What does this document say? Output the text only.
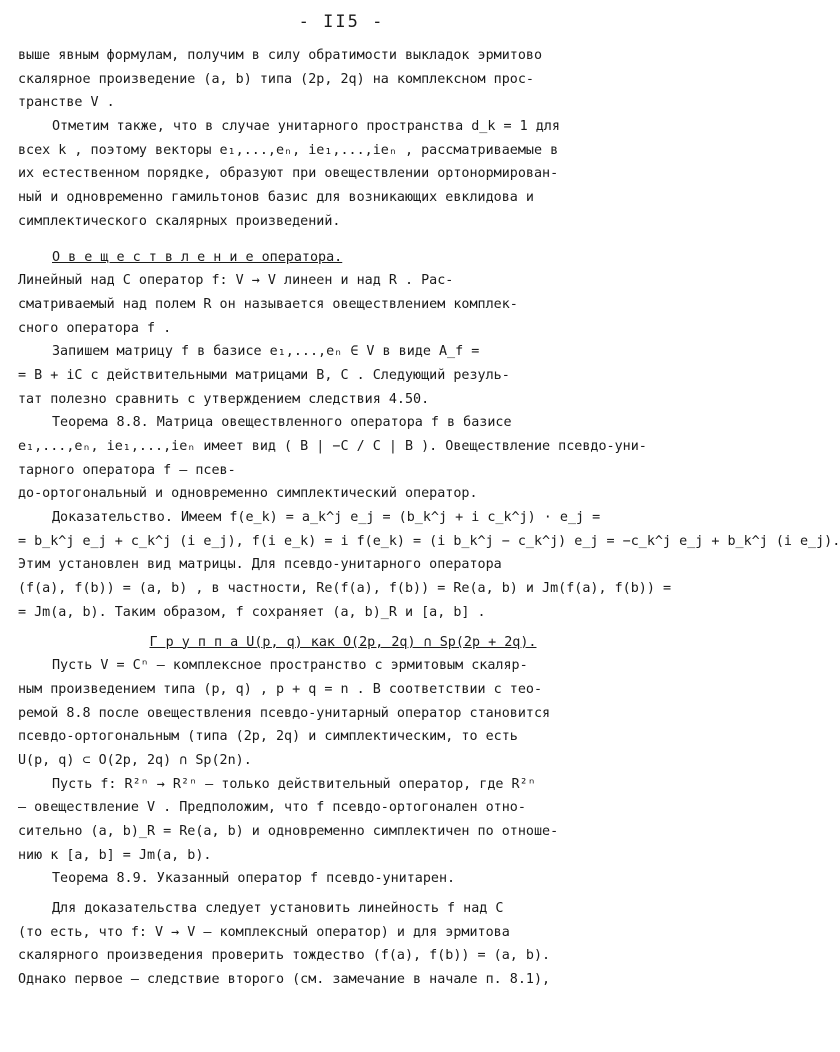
- II5 -
выше явным формулам, получим в силу обратимости выкладок эрмитово
скалярное произведение (a, b) типа (2p, 2q) на комплексном прос-
транстве V .
Отметим также, что в случае унитарного пространства d_k = 1 для
всех k , поэтому векторы e₁,...,eₙ, ie₁,...,ieₙ , рассматриваемые в
их естественном порядке, образуют при овеществлении ортонормирован-
ный и одновременно гамильтонов базис для возникающих евклидова и
симплектического скалярных произведений.
О в е щ е с т в л е н и е оператора.
Линейный над C оператор f: V → V линеен и над R . Рас-
сматриваемый над полем R он называется овеществлением комплек-
сного оператора f .
Запишем матрицу f в базисе e₁,...,eₙ ∈ V в виде A_f =
= B + iC с действительными матрицами B, C . Следующий резуль-
тат полезно сравнить с утверждением следствия 4.50.
Теорема 8.8. Матрица овеществленного оператора f в базисе
e₁,...,eₙ, ie₁,...,ieₙ имеет вид ( B | −C / C | B ). Овеществление псевдо-уни-
тарного оператора f – псев-
до-ортогональный и одновременно симплектический оператор.
Доказательство. Имеем f(e_k) = a_k^j e_j = (b_k^j + i c_k^j) · e_j =
= b_k^j e_j + c_k^j (i e_j), f(i e_k) = i f(e_k) = (i b_k^j − c_k^j) e_j = −c_k^j e_j + b_k^j (i e_j).
Этим установлен вид матрицы. Для псевдо-унитарного оператора
(f(a), f(b)) = (a, b) , в частности, Re(f(a), f(b)) = Re(a, b) и Jm(f(a), f(b)) =
= Jm(a, b). Таким образом, f сохраняет (a, b)_R и [a, b] .
Г р у п п а U(p, q) как O(2p, 2q) ∩ Sp(2p + 2q).
Пусть V = Cⁿ – комплексное пространство с эрмитовым скаляр-
ным произведением типа (p, q) , p + q = n . В соответствии с тео-
ремой 8.8 после овеществления псевдо-унитарный оператор становится
псевдо-ортогональным (типа (2p, 2q) и симплектическим, то есть
U(p, q) ⊂ O(2p, 2q) ∩ Sp(2n).
Пусть f: R²ⁿ → R²ⁿ – только действительный оператор, где R²ⁿ
– овеществление V . Предположим, что f псевдо-ортогонален отно-
сительно (a, b)_R = Re(a, b) и одновременно симплектичен по отноше-
нию к [a, b] = Jm(a, b).
Теорема 8.9. Указанный оператор f псевдо-унитарен.
Для доказательства следует установить линейность f над C
(то есть, что f: V → V – комплексный оператор) и для эрмитова
скалярного произведения проверить тождество (f(a), f(b)) = (a, b).
Однако первое – следствие второго (см. замечание в начале п. 8.1),
